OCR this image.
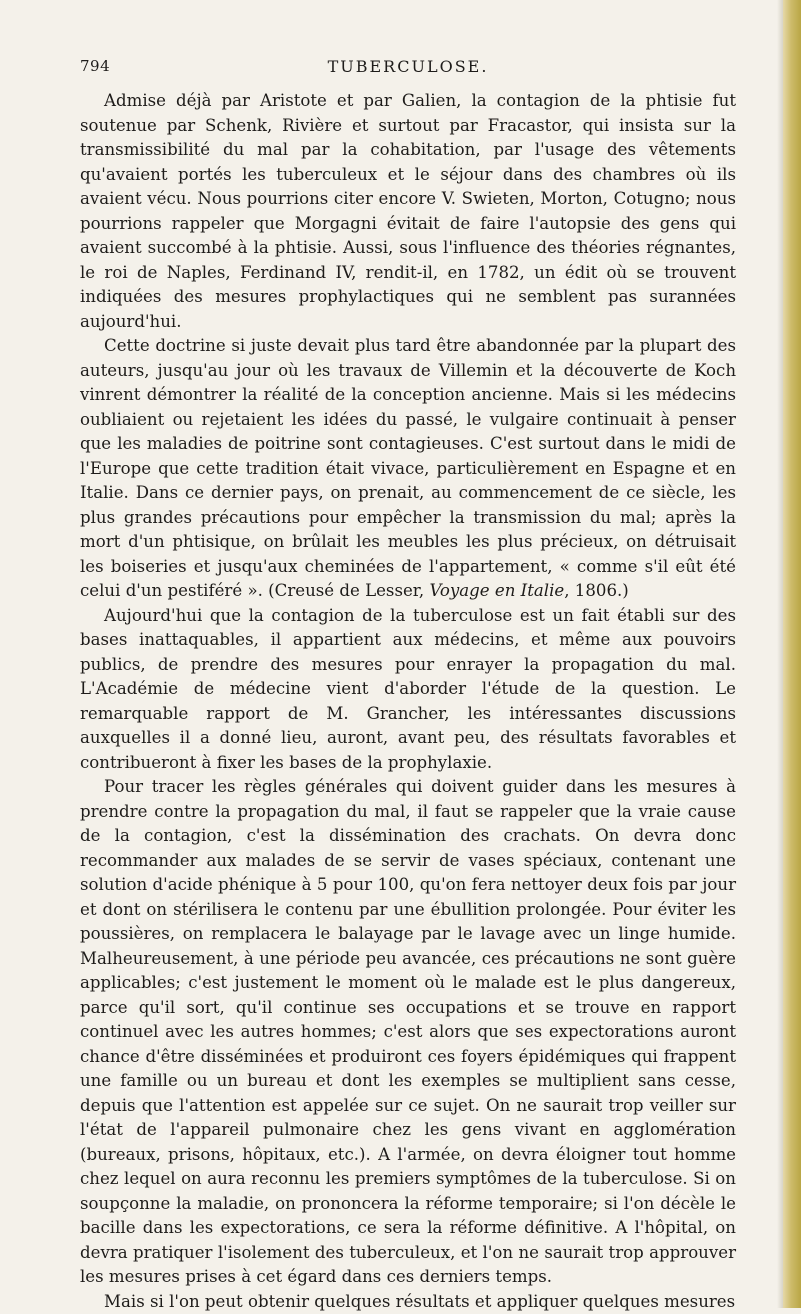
794	TUBERCULOSE.

Admise déjà par Aristote et par Galien, la contagion de la phtisie fut soutenue par Schenk, Rivière et surtout par Fracastor, qui insista sur la transmissibilité du mal par la cohabitation, par l'usage des vêtements qu'avaient portés les tuberculeux et le séjour dans des chambres où ils avaient vécu. Nous pourrions citer encore V. Swieten, Morton, Cotugno; nous pourrions rappeler que Morgagni évitait de faire l'autopsie des gens qui avaient succombé à la phtisie. Aussi, sous l'influence des théories régnantes, le roi de Naples, Ferdinand IV, rendit-il, en 1782, un édit où se trouvent indiquées des mesures prophylactiques qui ne semblent pas surannées aujourd'hui.

Cette doctrine si juste devait plus tard être abandonnée par la plupart des auteurs, jusqu'au jour où les travaux de Villemin et la découverte de Koch vinrent démontrer la réalité de la conception ancienne. Mais si les médecins oubliaient ou rejetaient les idées du passé, le vulgaire continuait à penser que les maladies de poitrine sont contagieuses. C'est surtout dans le midi de l'Europe que cette tradition était vivace, particulièrement en Espagne et en Italie. Dans ce dernier pays, on prenait, au commencement de ce siècle, les plus grandes précautions pour empêcher la transmission du mal; après la mort d'un phtisique, on brûlait les meubles les plus précieux, on détruisait les boiseries et jusqu'aux cheminées de l'appartement, « comme s'il eût été celui d'un pestiféré ». (Creusé de Lesser, Voyage en Italie, 1806.)

Aujourd'hui que la contagion de la tuberculose est un fait établi sur des bases inattaquables, il appartient aux médecins, et même aux pouvoirs publics, de prendre des mesures pour enrayer la propagation du mal. L'Académie de médecine vient d'aborder l'étude de la question. Le remarquable rapport de M. Grancher, les intéressantes discussions auxquelles il a donné lieu, auront, avant peu, des résultats favorables et contribueront à fixer les bases de la prophylaxie.

Pour tracer les règles générales qui doivent guider dans les mesures à prendre contre la propagation du mal, il faut se rappeler que la vraie cause de la contagion, c'est la dissémination des crachats. On devra donc recommander aux malades de se servir de vases spéciaux, contenant une solution d'acide phénique à 5 pour 100, qu'on fera nettoyer deux fois par jour et dont on stérilisera le contenu par une ébullition prolongée. Pour éviter les poussières, on remplacera le balayage par le lavage avec un linge humide. Malheureusement, à une période peu avancée, ces précautions ne sont guère applicables; c'est justement le moment où le malade est le plus dangereux, parce qu'il sort, qu'il continue ses occupations et se trouve en rapport continuel avec les autres hommes; c'est alors que ses expectorations auront chance d'être disséminées et produiront ces foyers épidémiques qui frappent une famille ou un bureau et dont les exemples se multiplient sans cesse, depuis que l'attention est appelée sur ce sujet. On ne saurait trop veiller sur l'état de l'appareil pulmonaire chez les gens vivant en agglomération (bureaux, prisons, hôpitaux, etc.). A l'armée, on devra éloigner tout homme chez lequel on aura reconnu les premiers symptômes de la tuberculose. Si on soupçonne la maladie, on prononcera la réforme temporaire; si l'on décèle le bacille dans les expectorations, ce sera la réforme définitive. A l'hôpital, on devra pratiquer l'isolement des tuberculeux, et l'on ne saurait trop approuver les mesures prises à cet égard dans ces derniers temps.

Mais si l'on peut obtenir quelques résultats et appliquer quelques mesures
